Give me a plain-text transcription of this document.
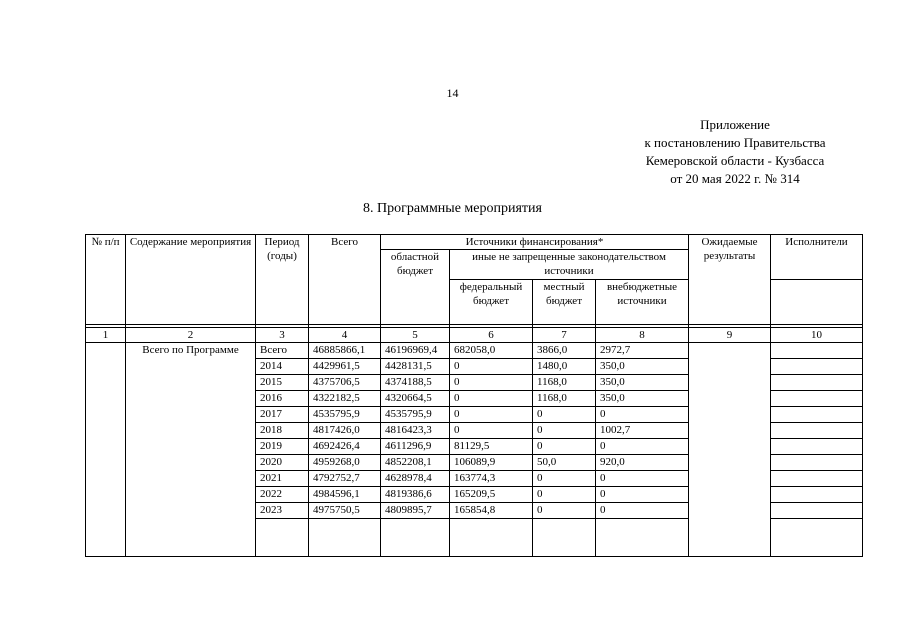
14
Приложение
к постановлению Правительства
Кемеровской области - Кузбасса
от 20 мая 2022 г. № 314
8. Программные мероприятия
№ п/п	Содержание мероприятия	Период (годы)	Всего	Источники финансирования*				Ожидаемые результаты	Исполнители
				областной бюджет	иные не запрещенные законодательством источники				
					федеральный бюджет	местный бюджет	внебюджетные источники		

1	2	3	4	5	6	7	8	9	10
	Всего по Программе	Всего	46885866,1	46196969,4	682058,0	3866,0	2972,7		
		2014	4429961,5	4428131,5	0	1480,0	350,0		
		2015	4375706,5	4374188,5	0	1168,0	350,0		
		2016	4322182,5	4320664,5	0	1168,0	350,0		
		2017	4535795,9	4535795,9	0	0	0		
		2018	4817426,0	4816423,3	0	0	1002,7		
		2019	4692426,4	4611296,9	81129,5	0	0		
		2020	4959268,0	4852208,1	106089,9	50,0	920,0		
		2021	4792752,7	4628978,4	163774,3	0	0		
		2022	4984596,1	4819386,6	165209,5	0	0		
		2023	4975750,5	4809895,7	165854,8	0	0		
